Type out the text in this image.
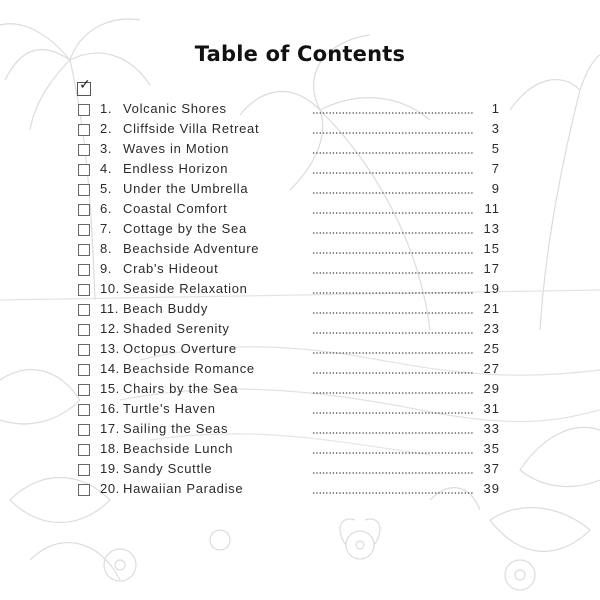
Table of Contents
✓
1. Volcanic Shores	1
2. Cliffside Villa Retreat	3
3. Waves in Motion	5
4. Endless Horizon	7
5. Under the Umbrella	9
6. Coastal Comfort	11
7. Cottage by the Sea	13
8. Beachside Adventure	15
9. Crab's Hideout	17
10. Seaside Relaxation	19
11. Beach Buddy	21
12. Shaded Serenity	23
13. Octopus Overture	25
14. Beachside Romance	27
15. Chairs by the Sea	29
16. Turtle's Haven	31
17. Sailing the Seas	33
18. Beachside Lunch	35
19. Sandy Scuttle	37
20. Hawaiian Paradise	39
